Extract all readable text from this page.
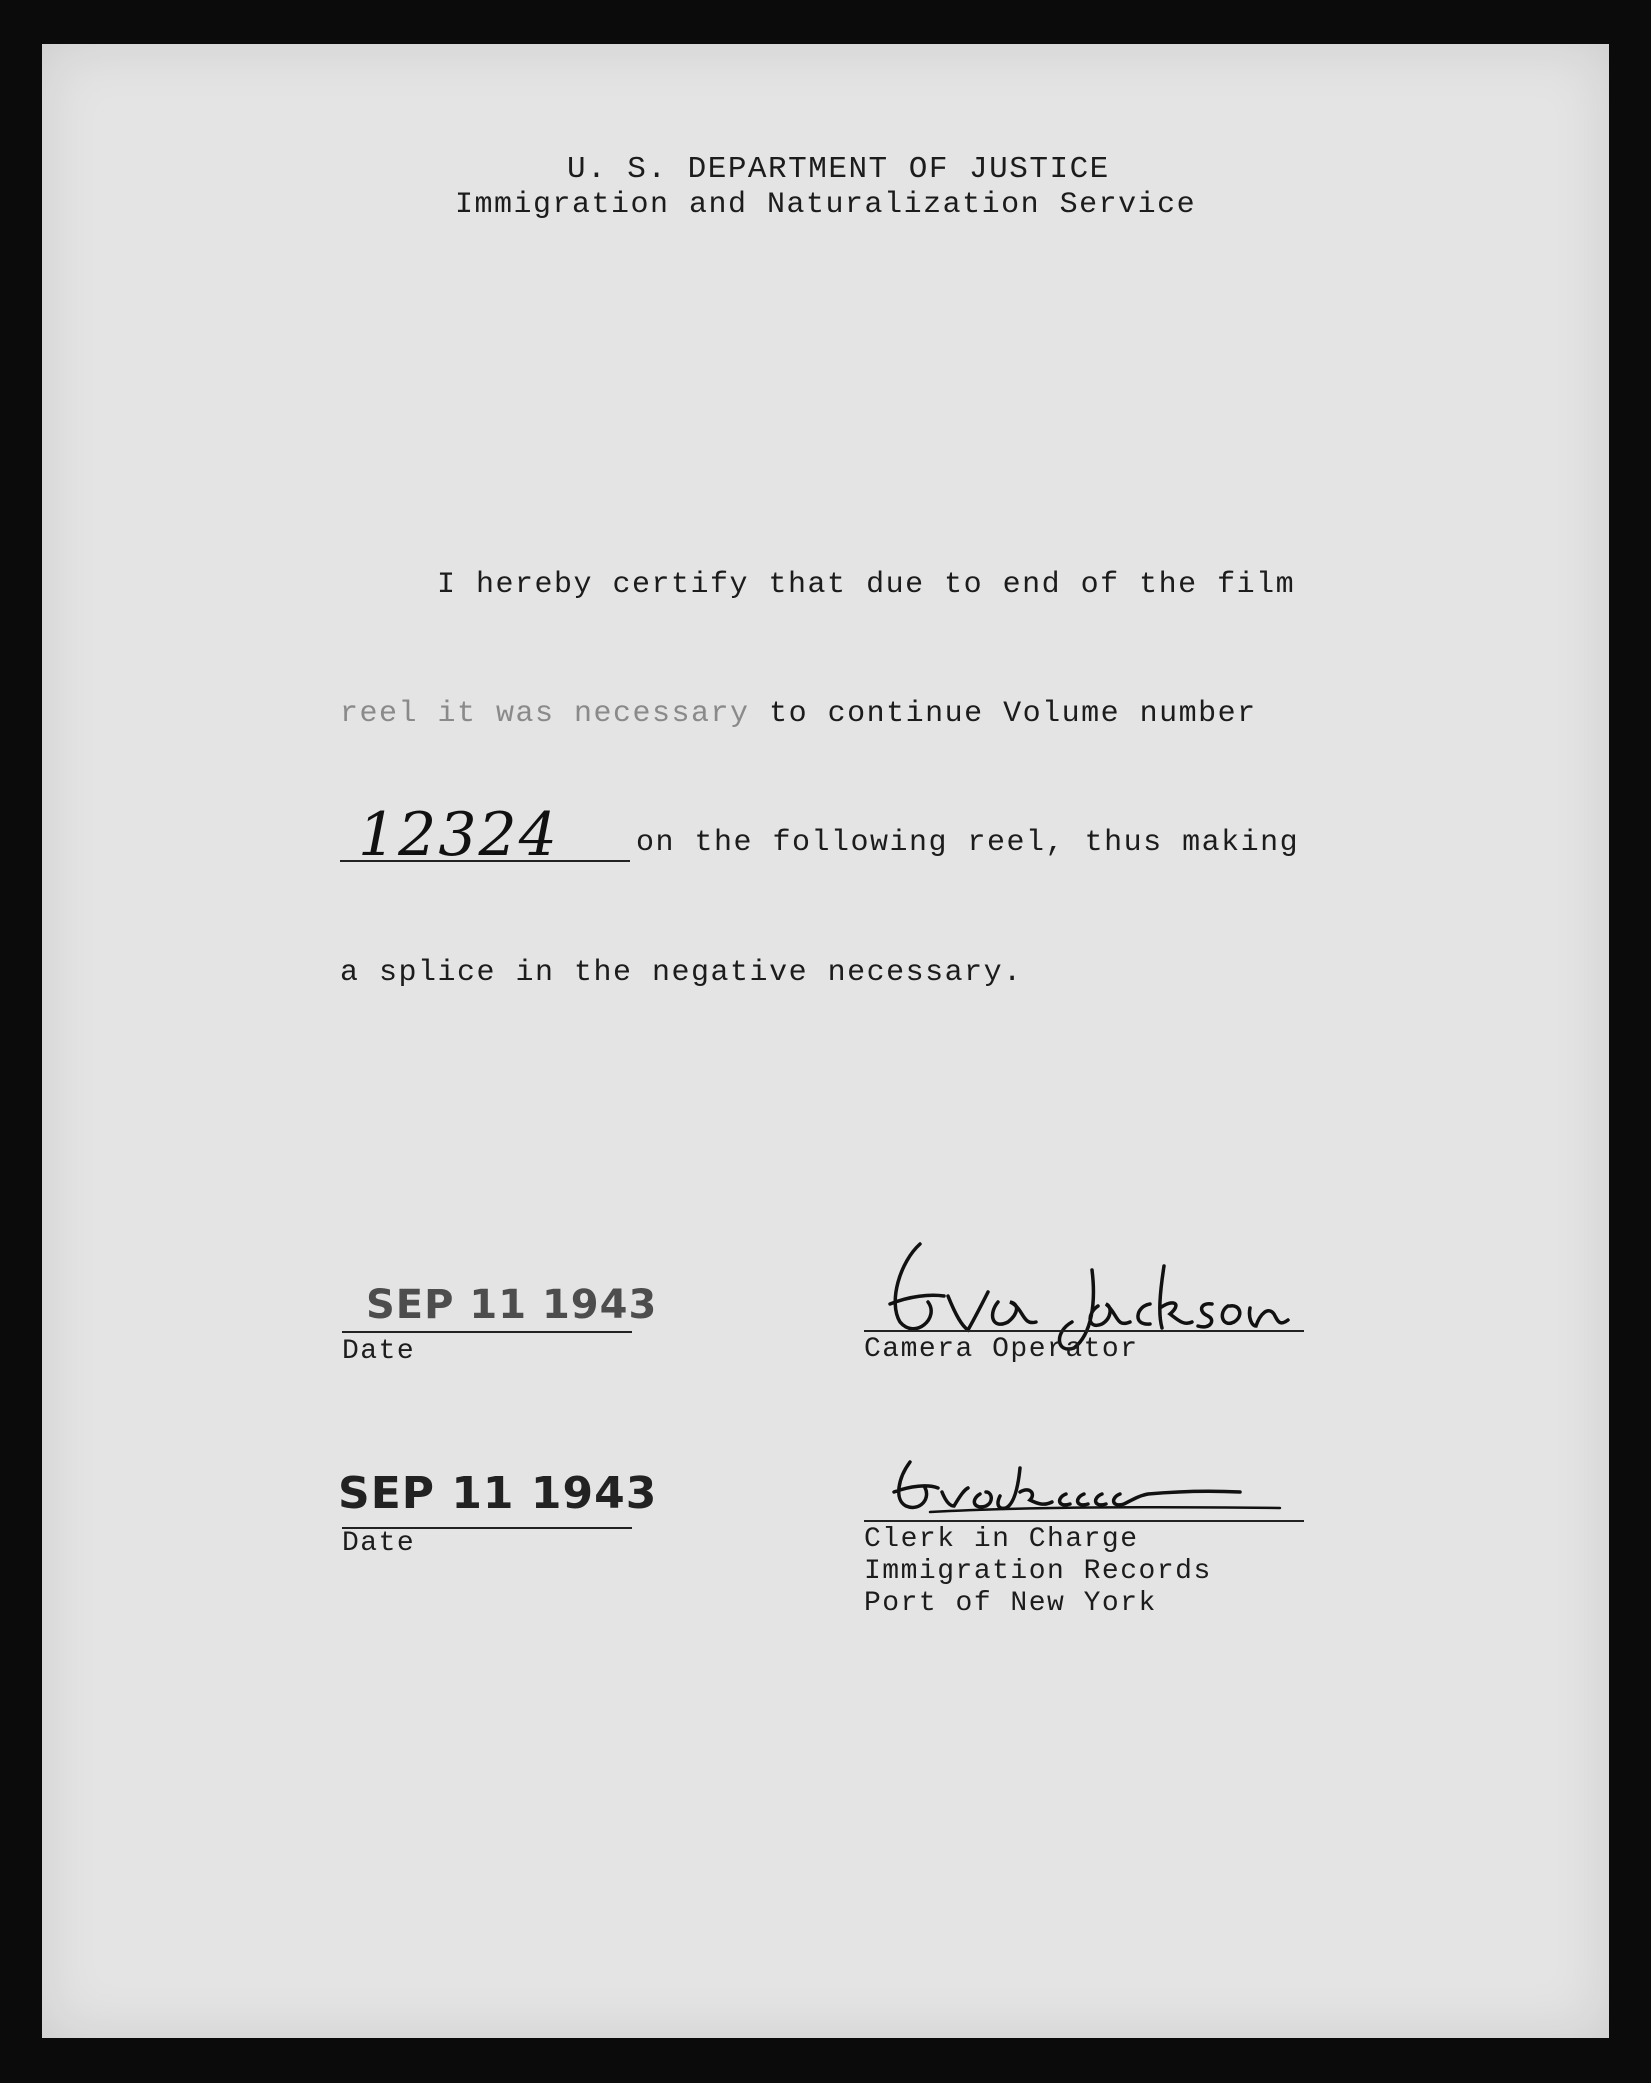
U. S. DEPARTMENT OF JUSTICE
Immigration and Naturalization Service
I hereby certify that due to end of the film
reel it was necessary to continue Volume number
12324	on the following reel, thus making
a splice in the negative necessary.
SEP 11 1943
Date	Camera Operator
SEP 11 1943
Date	Clerk in Charge
Immigration Records
Port of New York
